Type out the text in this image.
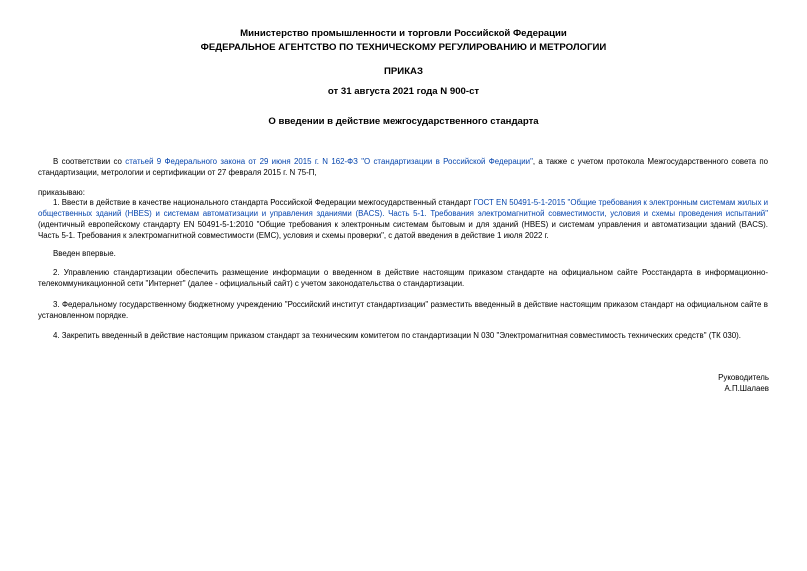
Министерство промышленности и торговли Российской Федерации
ФЕДЕРАЛЬНОЕ АГЕНТСТВО ПО ТЕХНИЧЕСКОМУ РЕГУЛИРОВАНИЮ И МЕТРОЛОГИИ
ПРИКАЗ
от 31 августа 2021 года N 900-ст
О введении в действие межгосударственного стандарта
В соответствии со статьей 9 Федерального закона от 29 июня 2015 г. N 162-ФЗ "О стандартизации в Российской Федерации", а также с учетом протокола Межгосударственного совета по стандартизации, метрологии и сертификации от 27 февраля 2015 г. N 75-П,
приказываю:
1. Ввести в действие в качестве национального стандарта Российской Федерации межгосударственный стандарт ГОСТ EN 50491-5-1-2015 "Общие требования к электронным системам жилых и общественных зданий (HBES) и системам автоматизации и управления зданиями (BACS). Часть 5-1. Требования электромагнитной совместимости, условия и схемы проведения испытаний"(идентичный европейскому стандарту EN 50491-5-1:2010 "Общие требования к электронным системам бытовым и для зданий (HBES) и системам управления и автоматизации зданий (BACS). Часть 5-1. Требования к электромагнитной совместимости (ЕМС), условия и схемы проверки", с датой введения в действие 1 июля 2022 г.
Введен впервые.
2. Управлению стандартизации обеспечить размещение информации о введенном в действие настоящим приказом стандарте на официальном сайте Росстандарта в информационно-телекоммуникационной сети "Интернет" (далее - официальный сайт) с учетом законодательства о стандартизации.
3. Федеральному государственному бюджетному учреждению "Российский институт стандартизации" разместить введенный в действие настоящим приказом стандарт на официальном сайте в установленном порядке.
4. Закрепить введенный в действие настоящим приказом стандарт за техническим комитетом по стандартизации N 030 "Электромагнитная совместимость технических средств" (ТК 030).
Руководитель
А.П.Шалаев
